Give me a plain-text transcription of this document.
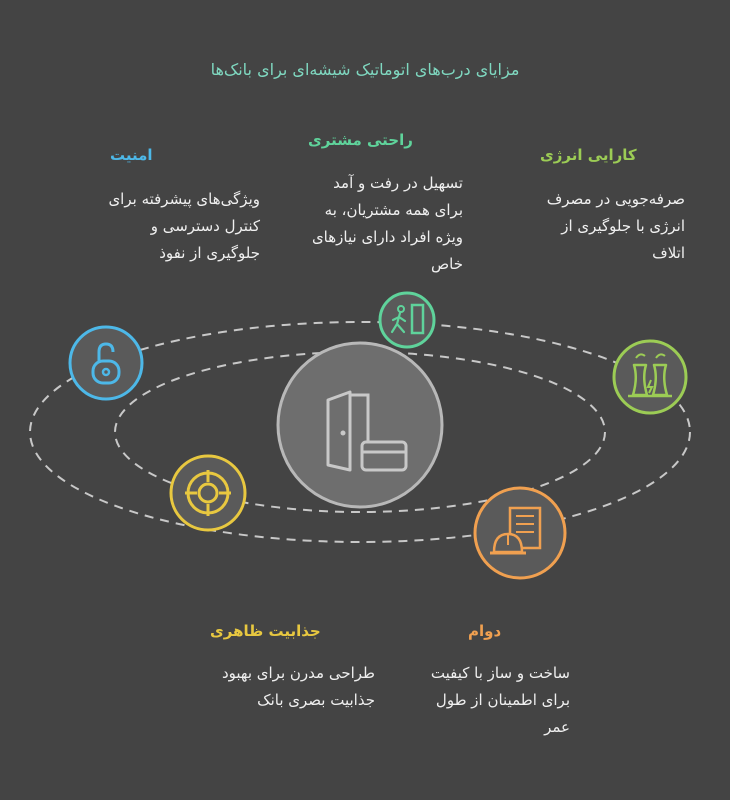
مزایای درب‌های اتوماتیک شیشه‌ای برای بانک‌ها
امنیت
ویژگی‌های پیشرفته برای
کنترل دسترسی و
جلوگیری از نفوذ
راحتی مشتری
تسهیل در رفت و آمد
برای همه مشتریان، به
ویژه افراد دارای نیازهای
خاص
کارایی انرژی
صرفه‌جویی در مصرف
انرژی با جلوگیری از
اتلاف
جذابیت ظاهری
طراحی مدرن برای بهبود
جذابیت بصری بانک
دوام
ساخت و ساز با کیفیت
برای اطمینان از طول
عمر
